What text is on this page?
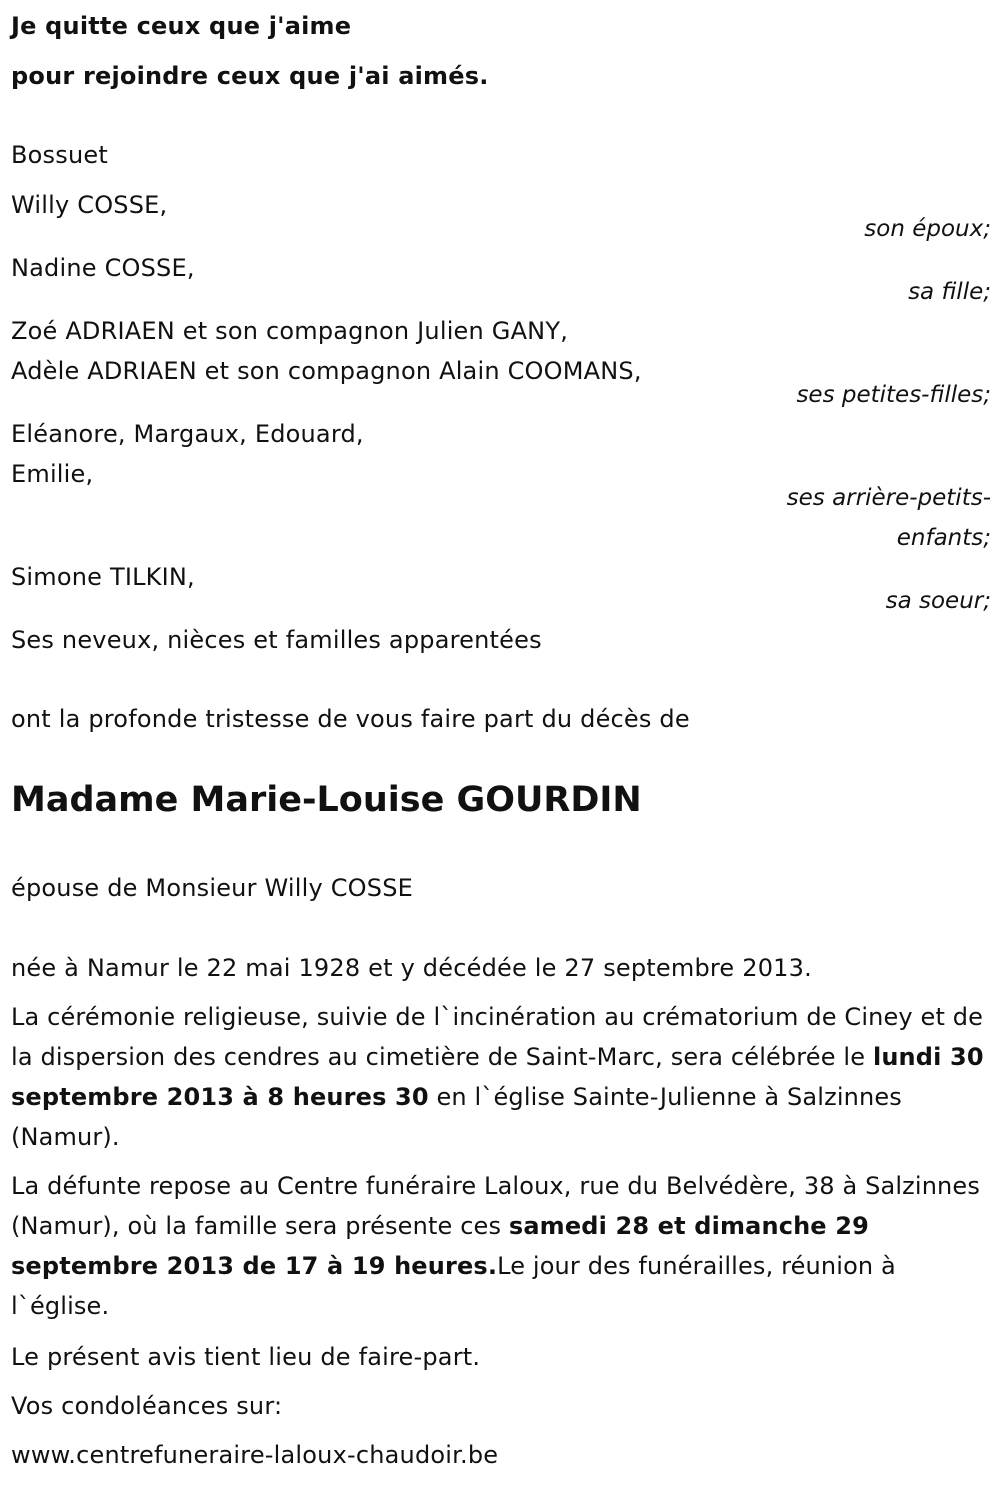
Je quitte ceux que j'aime
pour rejoindre ceux que j'ai aimés.
Bossuet
Willy COSSE,
son époux;
Nadine COSSE,
sa fille;
Zoé ADRIAEN et son compagnon Julien GANY,
Adèle ADRIAEN et son compagnon Alain COOMANS,
ses petites-filles;
Eléanore, Margaux, Edouard,
Emilie,
ses arrière-petits-
enfants;
Simone TILKIN,
sa soeur;
Ses neveux, nièces et familles apparentées
ont la profonde tristesse de vous faire part du décès de
Madame Marie-Louise GOURDIN
épouse de Monsieur Willy COSSE
née à Namur le 22 mai 1928 et y décédée le 27 septembre 2013.
La cérémonie religieuse, suivie de l`incinération au crématorium de Ciney et de la dispersion des cendres au cimetière de Saint-Marc, sera célébrée le lundi 30 septembre 2013 à 8 heures 30 en l`église Sainte-Julienne à Salzinnes (Namur).
La défunte repose au Centre funéraire Laloux, rue du Belvédère, 38 à Salzinnes (Namur), où la famille sera présente ces samedi 28 et dimanche 29 septembre 2013 de 17 à 19 heures.Le jour des funérailles, réunion à l`église.
Le présent avis tient lieu de faire-part.
Vos condoléances sur:
www.centrefuneraire-laloux-chaudoir.be
